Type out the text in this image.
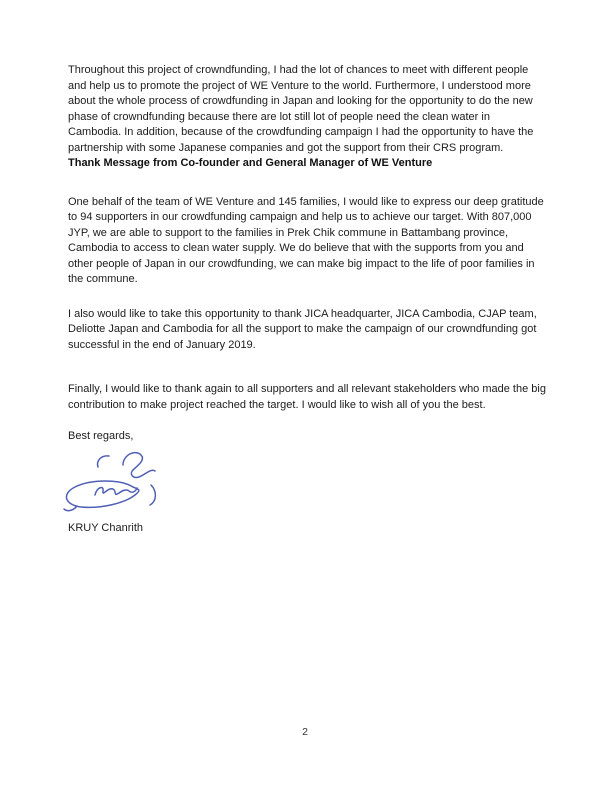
Throughout this project of crowndfunding, I had the lot of chances to meet with different people and help us to promote the project of WE Venture to the world. Furthermore, I understood more about the whole process of crowdfunding in Japan and looking for the opportunity to do the new phase of crowndfunding because there are lot still lot of people need the clean water in Cambodia. In addition, because of the crowdfunding campaign I had the opportunity to have the partnership with some Japanese companies and got the support from their CRS program.

Thank Message from Co-founder and General Manager of WE Venture

One behalf of the team of WE Venture and 145 families, I would like to express our deep gratitude to 94 supporters in our crowdfunding campaign and help us to achieve our target. With 807,000 JYP, we are able to support to the families in Prek Chik commune in Battambang province, Cambodia to access to clean water supply. We do believe that with the supports from you and other people of Japan in our crowdfunding, we can make big impact to the life of poor families in the commune.

I also would like to take this opportunity to thank JICA headquarter, JICA Cambodia, CJAP team, Deliotte Japan and Cambodia for all the support to make the campaign of our crowndfunding got successful in the end of January 2019.

Finally, I would like to thank again to all supporters and all relevant stakeholders who made the big contribution to make project reached the target. I would like to wish all of you the best.

Best regards,

KRUY Chanrith

2
